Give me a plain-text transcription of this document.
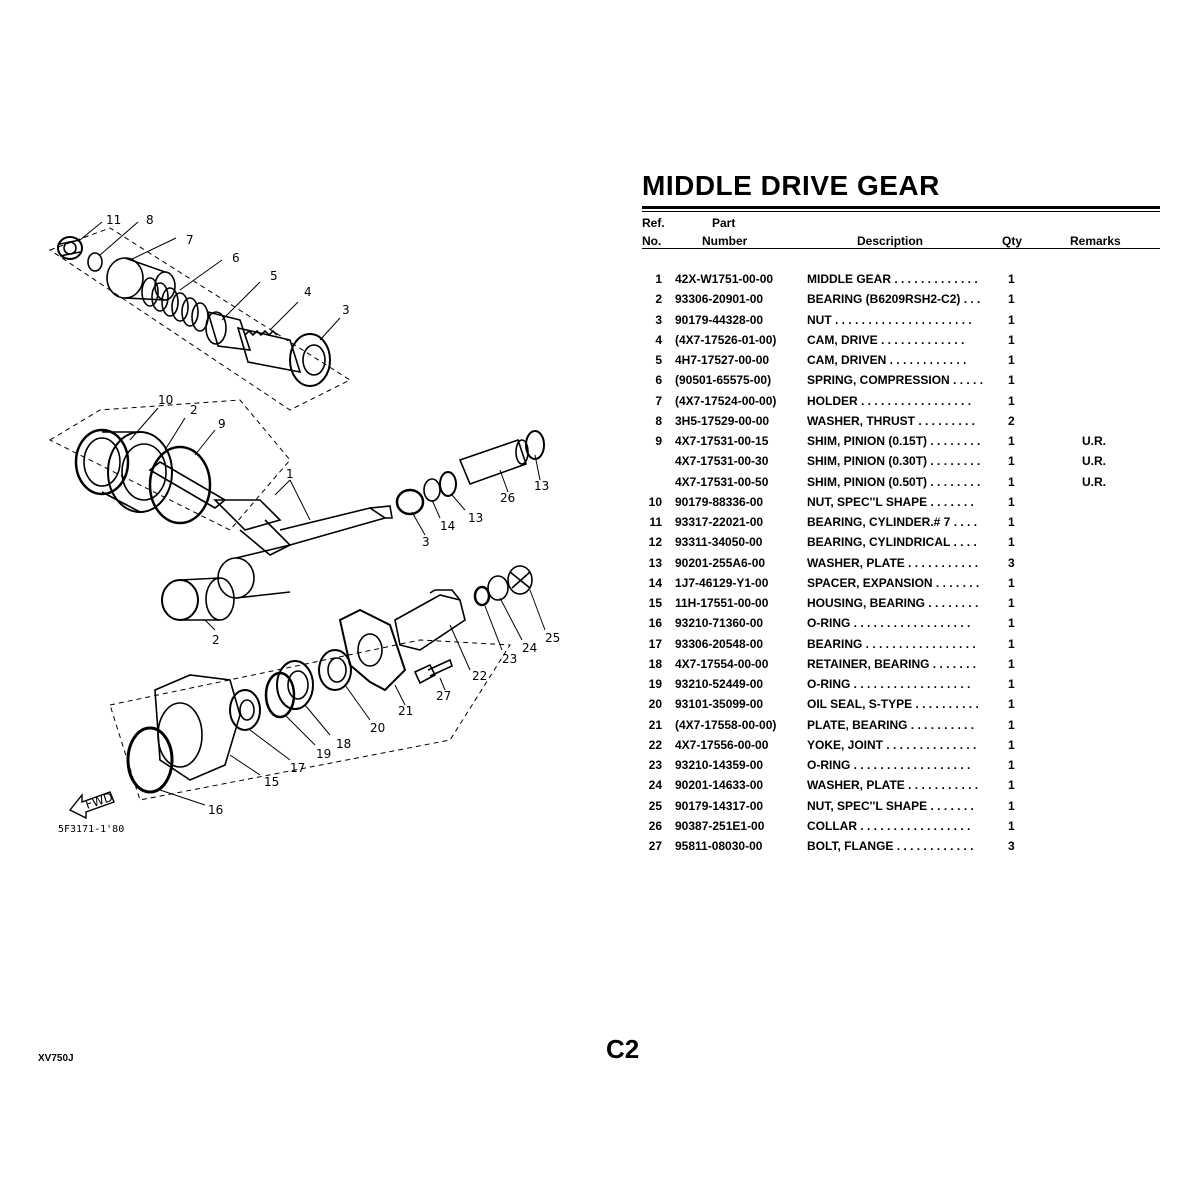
FWD
11 8
7
6
5
4
3
10
2
9
1
26
13
13
14
3
2	25
24
23
22
27
21
20
18
19
17
15
16
5F3171-1'80
MIDDLE DRIVE GEAR
Ref.
No.
Part
Number	Description	Qty	Remarks
1 42X-W1751-00-00	MIDDLE GEAR . . . . . . . . . . . . .	1
2 93306-20901-00	BEARING (B6209RSH2-C2) . . . 1
3 90179-44328-00	NUT . . . . . . . . . . . . . . . . . . . . .	1
4 (4X7-17526-01-00)	CAM, DRIVE . . . . . . . . . . . . .	1
5 4H7-17527-00-00	CAM, DRIVEN . . . . . . . . . . . .	1
6 (90501-65575-00)	SPRING, COMPRESSION . . . . . 1
7 (4X7-17524-00-00)	HOLDER . . . . . . . . . . . . . . . . .	1
8 3H5-17529-00-00	WASHER, THRUST . . . . . . . . .	2
9 4X7-17531-00-15	SHIM, PINION (0.15T) . . . . . . . . 1	U.R.
4X7-17531-00-30	SHIM, PINION (0.30T) . . . . . . . . 1	U.R.
4X7-17531-00-50	SHIM, PINION (0.50T) . . . . . . . . 1	U.R.
10 90179-88336-00	NUT, SPEC''L SHAPE . . . . . . .	1
11 93317-22021-00	BEARING, CYLINDER.# 7 . . . .	1
12 93311-34050-00	BEARING, CYLINDRICAL . . . .	1
13 90201-255A6-00	WASHER, PLATE . . . . . . . . . . . 3
14 1J7-46129-Y1-00	SPACER, EXPANSION . . . . . . . 1
15 11H-17551-00-00	HOUSING, BEARING . . . . . . . . 1
16 93210-71360-00	O-RING . . . . . . . . . . . . . . . . . .	1
17 93306-20548-00	BEARING . . . . . . . . . . . . . . . . .	1
18 4X7-17554-00-00	RETAINER, BEARING . . . . . . .	1
19 93210-52449-00	O-RING . . . . . . . . . . . . . . . . . .	1
20 93101-35099-00	OIL SEAL, S-TYPE . . . . . . . . . . 1
21 (4X7-17558-00-00)	PLATE, BEARING . . . . . . . . . .	1
22 4X7-17556-00-00	YOKE, JOINT . . . . . . . . . . . . . .	1
23 93210-14359-00	O-RING . . . . . . . . . . . . . . . . . .	1
24 90201-14633-00	WASHER, PLATE . . . . . . . . . . . 1
25 90179-14317-00	NUT, SPEC''L SHAPE . . . . . . .	1
26 90387-251E1-00	COLLAR . . . . . . . . . . . . . . . . .	1
27 95811-08030-00	BOLT, FLANGE . . . . . . . . . . . .	3
C2
XV750J
